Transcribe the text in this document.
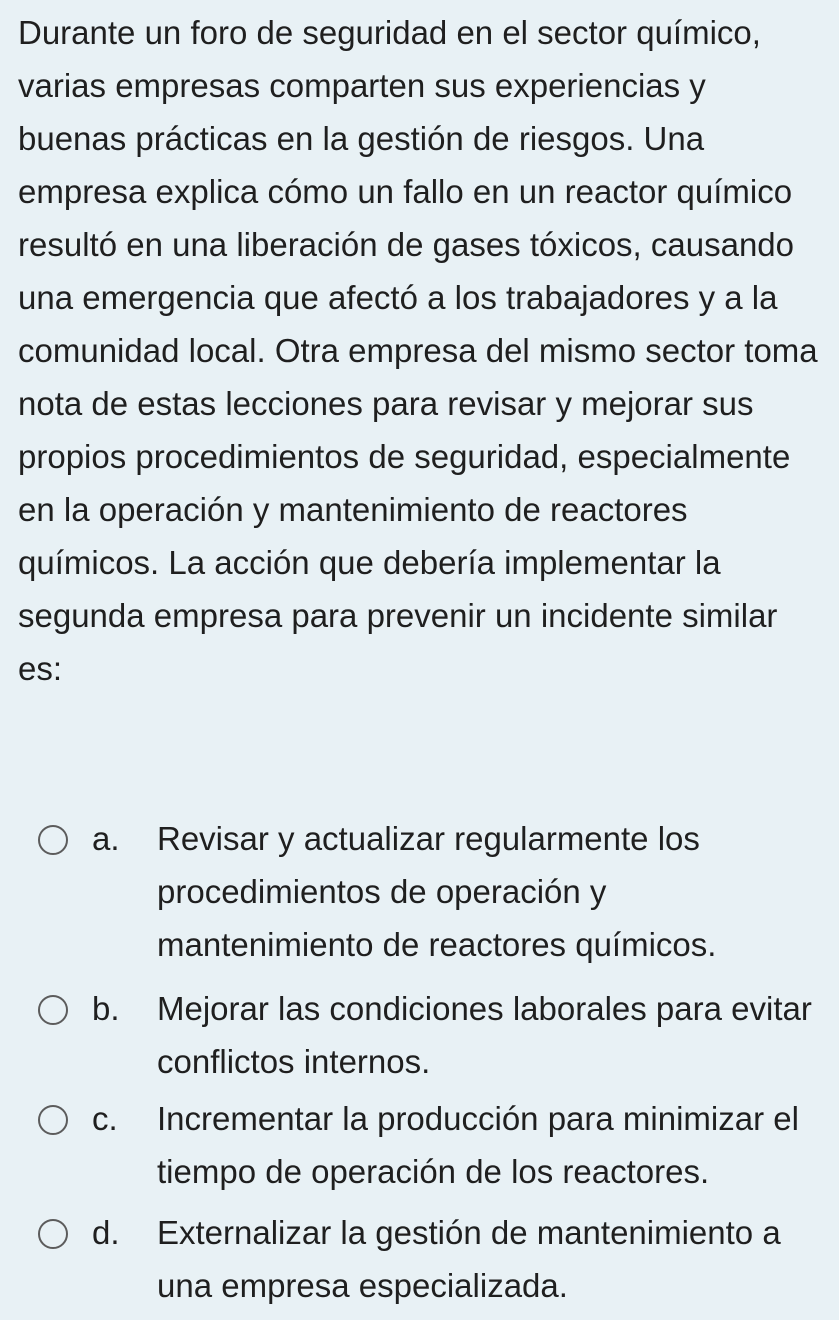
Durante un foro de seguridad en el sector químico, varias empresas comparten sus experiencias y buenas prácticas en la gestión de riesgos. Una empresa explica cómo un fallo en un reactor químico resultó en una liberación de gases tóxicos, causando una emergencia que afectó a los trabajadores y a la comunidad local. Otra empresa del mismo sector toma nota de estas lecciones para revisar y mejorar sus propios procedimientos de seguridad, especialmente en la operación y mantenimiento de reactores químicos. La acción que debería implementar la segunda empresa para prevenir un incidente similar es:

a. Revisar y actualizar regularmente los procedimientos de operación y mantenimiento de reactores químicos.
b. Mejorar las condiciones laborales para evitar conflictos internos.
c. Incrementar la producción para minimizar el tiempo de operación de los reactores.
d. Externalizar la gestión de mantenimiento a una empresa especializada.
